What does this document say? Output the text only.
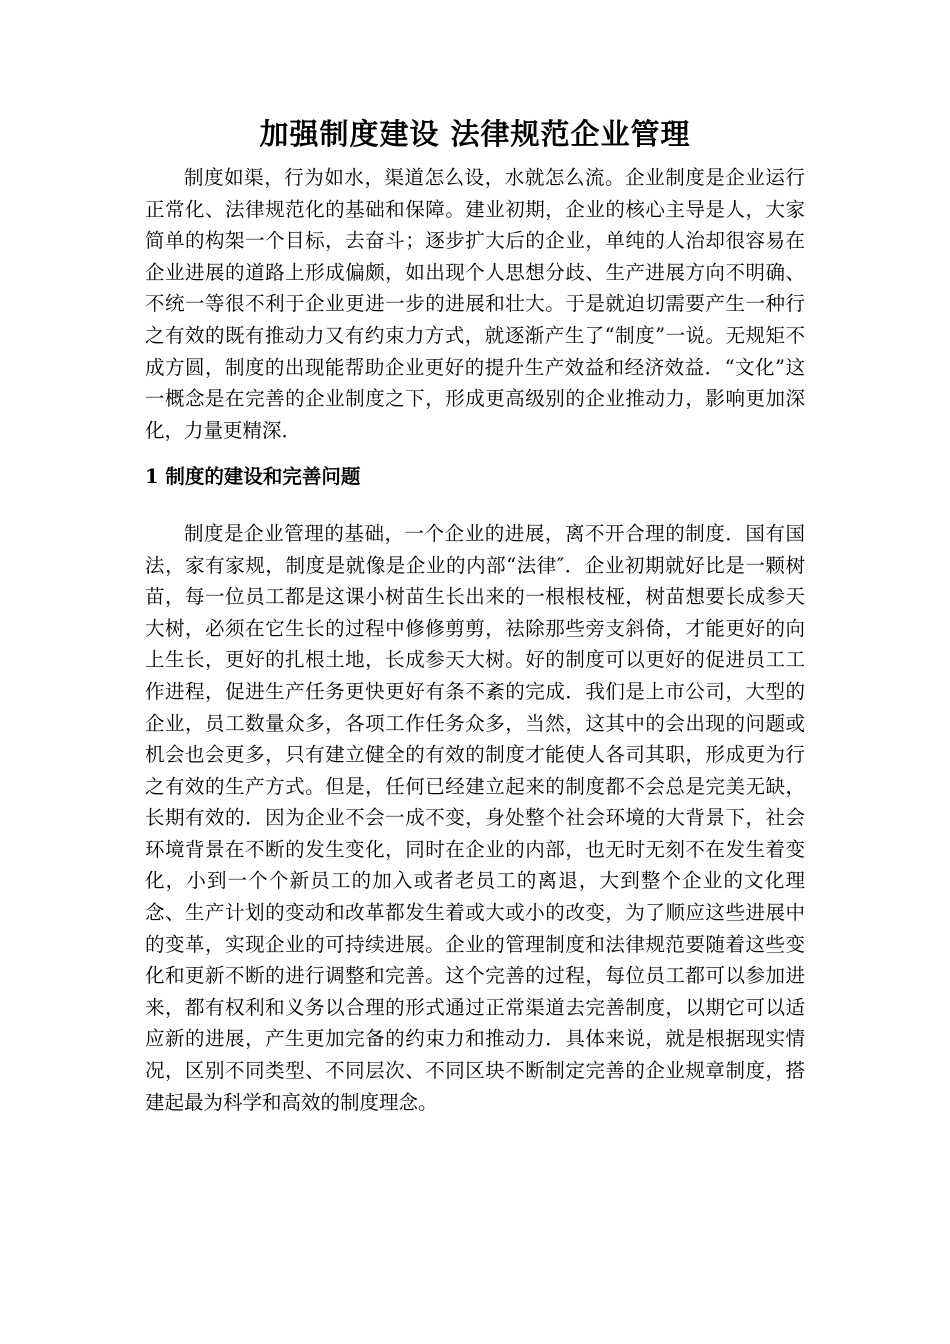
加强制度建设 法律规范企业管理

制度如渠，行为如水，渠道怎么设，水就怎么流。企业制度是企业运行正常化、法律规范化的基础和保障。建业初期，企业的核心主导是人，大家简单的构架一个目标，去奋斗；逐步扩大后的企业，单纯的人治却很容易在企业进展的道路上形成偏颇，如出现个人思想分歧、生产进展方向不明确、不统一等很不利于企业更进一步的进展和壮大。于是就迫切需要产生一种行之有效的既有推动力又有约束力方式，就逐渐产生了“制度”一说。无规矩不成方圆，制度的出现能帮助企业更好的提升生产效益和经济效益．“文化”这一概念是在完善的企业制度之下，形成更高级别的企业推动力，影响更加深化，力量更精深．

1 制度的建设和完善问题

制度是企业管理的基础，一个企业的进展，离不开合理的制度．国有国法，家有家规，制度是就像是企业的内部“法律″．企业初期就好比是一颗树苗，每一位员工都是这课小树苗生长出来的一根根枝桠，树苗想要长成参天大树，必须在它生长的过程中修修剪剪，祛除那些旁支斜倚，才能更好的向上生长，更好的扎根土地，长成参天大树。好的制度可以更好的促进员工工作进程，促进生产任务更快更好有条不紊的完成．我们是上市公司，大型的企业，员工数量众多，各项工作任务众多，当然，这其中的会出现的问题或机会也会更多，只有建立健全的有效的制度才能使人各司其职，形成更为行之有效的生产方式。但是，任何已经建立起来的制度都不会总是完美无缺，长期有效的．因为企业不会一成不变，身处整个社会环境的大背景下，社会环境背景在不断的发生变化，同时在企业的内部，也无时无刻不在发生着变化，小到一个个新员工的加入或者老员工的离退，大到整个企业的文化理念、生产计划的变动和改革都发生着或大或小的改变，为了顺应这些进展中的变革，实现企业的可持续进展。企业的管理制度和法律规范要随着这些变化和更新不断的进行调整和完善。这个完善的过程，每位员工都可以参加进来，都有权利和义务以合理的形式通过正常渠道去完善制度，以期它可以适应新的进展，产生更加完备的约束力和推动力．具体来说，就是根据现实情况，区别不同类型、不同层次、不同区块不断制定完善的企业规章制度，搭建起最为科学和高效的制度理念。
